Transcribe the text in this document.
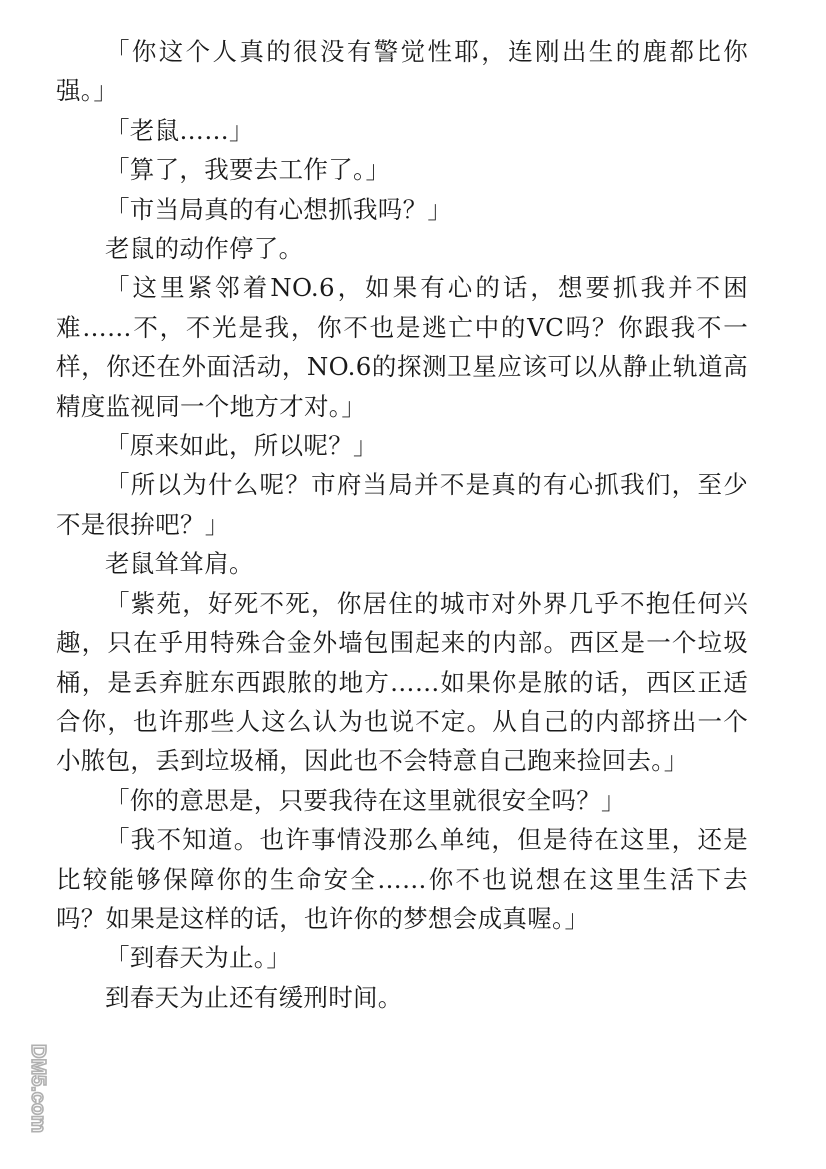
「你这个人真的很没有警觉性耶，连刚出生的鹿都比你强。」

「老鼠……」

「算了，我要去工作了。」

「市当局真的有心想抓我吗？」

老鼠的动作停了。

「这里紧邻着NO.6，如果有心的话，想要抓我并不困难……不，不光是我，你不也是逃亡中的VC吗？你跟我不一样，你还在外面活动，NO.6的探测卫星应该可以从静止轨道高精度监视同一个地方才对。」

「原来如此，所以呢？」

「所以为什么呢？市府当局并不是真的有心抓我们，至少不是很拚吧？」

老鼠耸耸肩。

「紫苑，好死不死，你居住的城市对外界几乎不抱任何兴趣，只在乎用特殊合金外墙包围起来的内部。西区是一个垃圾桶，是丢弃脏东西跟脓的地方……如果你是脓的话，西区正适合你，也许那些人这么认为也说不定。从自己的内部挤出一个小脓包，丢到垃圾桶，因此也不会特意自己跑来捡回去。」

「你的意思是，只要我待在这里就很安全吗？」

「我不知道。也许事情没那么单纯，但是待在这里，还是比较能够保障你的生命安全……你不也说想在这里生活下去吗？如果是这样的话，也许你的梦想会成真喔。」

「到春天为止。」

到春天为止还有缓刑时间。

DM5.com
